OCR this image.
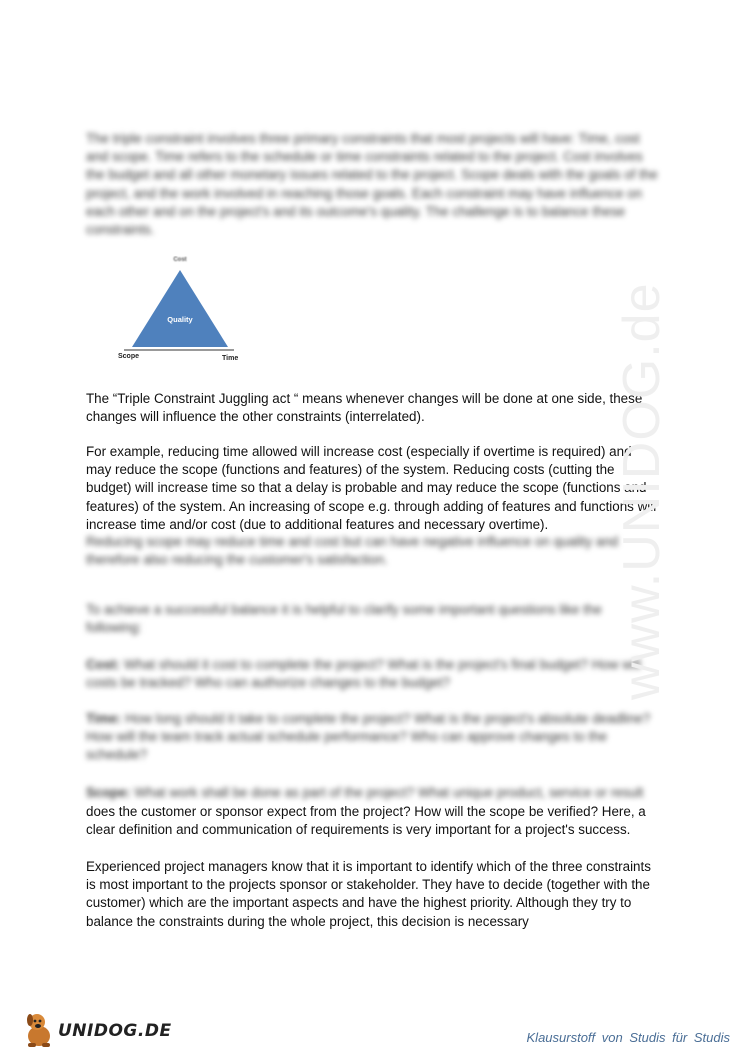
The triple constraint involves three primary constraints that most projects will have: Time, cost and scope. Time refers to the schedule or time constraints related to the project. Cost involves the budget and all other monetary issues related to the project. Scope deals with the goals of the project, and the work involved in reaching those goals. Each constraint may have influence on each other and on the project's and its outcome's quality. The challenge is to balance these constraints.

Cost
Quality
Scope	Time

The “Triple Constraint Juggling act “ means whenever changes will be done at one side, these changes will influence the other constraints (interrelated).

For example, reducing time allowed will increase cost (especially if overtime is required) and may reduce the scope (functions and features) of the system. Reducing costs (cutting the budget) will increase time so that a delay is probable and may reduce the scope (functions and features) of the system. An increasing of scope e.g. through adding of features and functions will increase time and/or cost (due to additional features and necessary overtime).

Reducing scope may reduce time and cost but can have negative influence on quality and therefore also reducing the customer's satisfaction.

To achieve a successful balance it is helpful to clarify some important questions like the following:

Cost: What should it cost to complete the project? What is the project's final budget? How will costs be tracked? Who can authorize changes to the budget?

Time: How long should it take to complete the project? What is the project's absolute deadline? How will the team track actual schedule performance? Who can approve changes to the schedule?

Scope: What work shall be done as part of the project? What unique product, service or result

does the customer or sponsor expect from the project? How will the scope be verified? Here, a clear definition and communication of requirements is very important for a project's success.

Experienced project managers know that it is important to identify which of the three constraints is most important to the projects sponsor or stakeholder. They have to decide (together with the customer) which are the important aspects and have the highest priority. Although they try to balance the constraints during the whole project, this decision is necessary

www.UNIDOG.de
UNIDOG.DE	Klausurstoff von Studis für Studis
